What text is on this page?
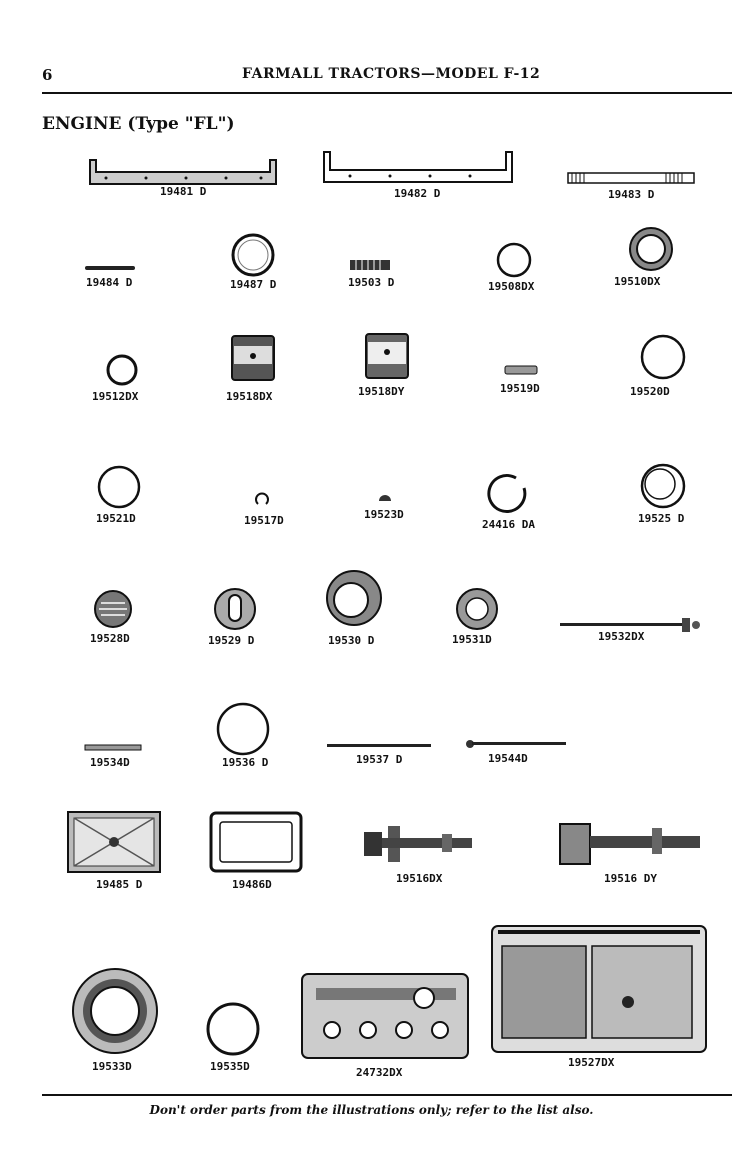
6	FARMALL TRACTORS—MODEL F-12
ENGINE (Type "FL")
19481 D	19482 D	19483 D
19484 D	19487 D	19503 D	19508DX	19510DX
19512DX	19518DX	19518DY	19519D	19520D
19521D	19517D	19523D
24416 DA	19525 D
19528D	19529 D	19530 D	19531D	19532DX
19534D	19536 D	19537 D	19544D
19485 D	19486D	19516DX	19516 DY
19533D	19535D	24732DX
19527DX
Don't order parts from the illustrations only; refer to the list also.
